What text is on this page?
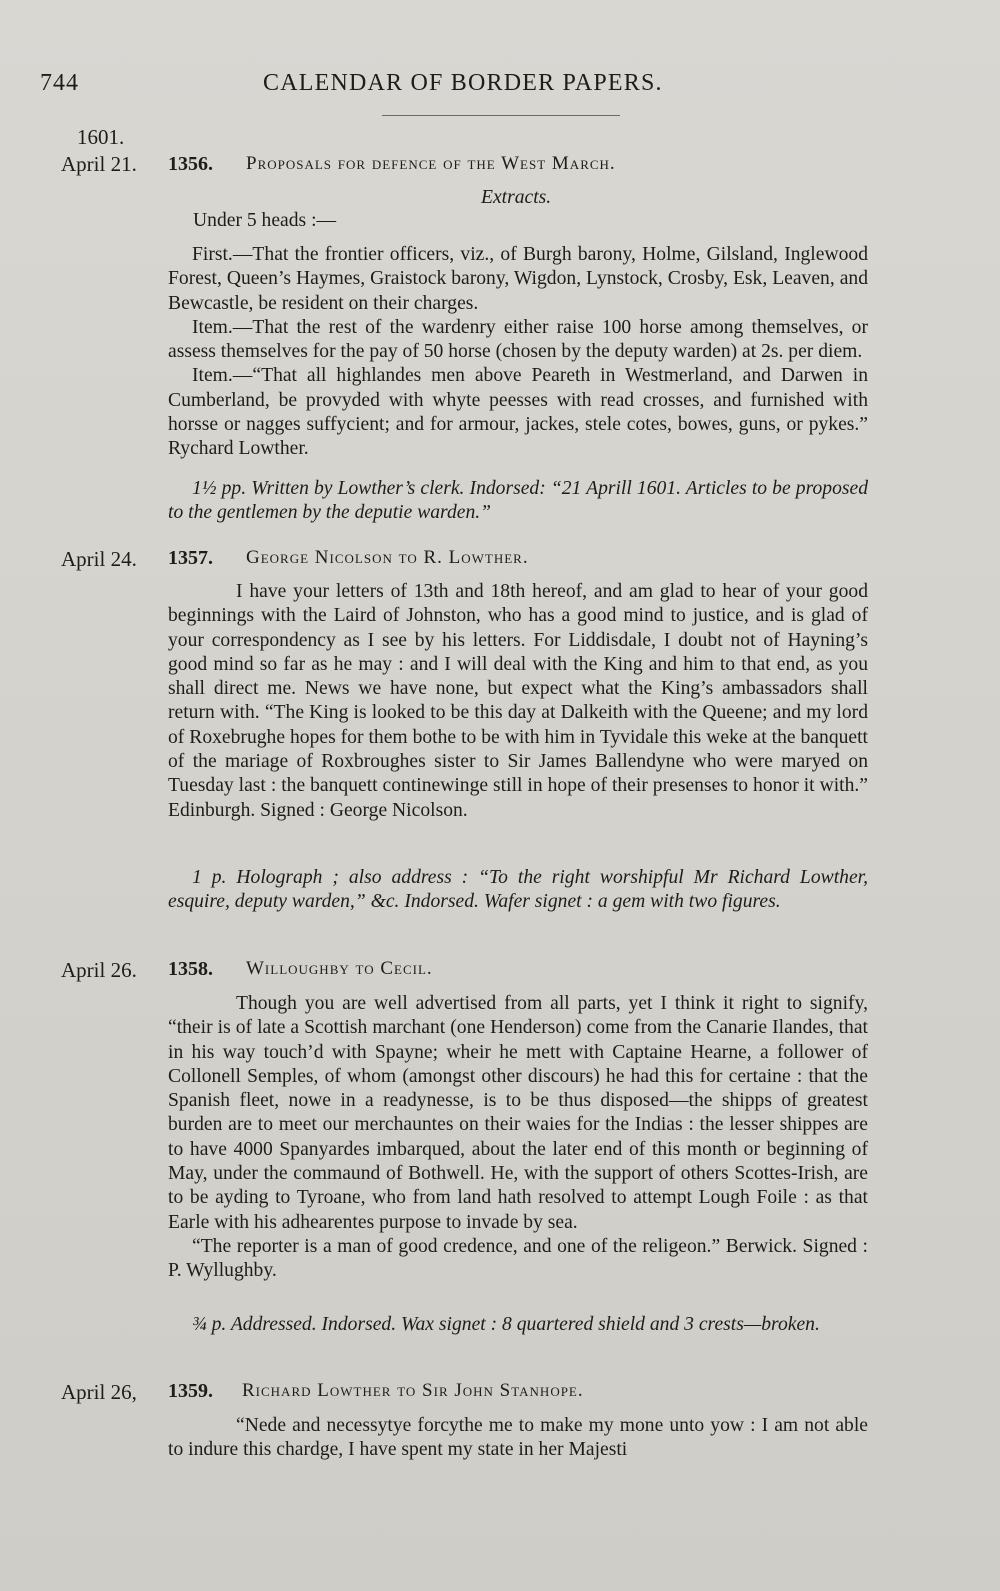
744	CALENDAR OF BORDER PAPERS.
1601.
April 21. 1356. Proposals for defence of the West March.
Extracts.
Under 5 heads :—

First.—That the frontier officers, viz., of Burgh barony, Holme, Gilsland, Inglewood Forest, Queen’s Haymes, Graistock barony, Wigdon, Lynstock, Crosby, Esk, Leaven, and Bewcastle, be resident on their charges.

Item.—That the rest of the wardenry either raise 100 horse among themselves, or assess themselves for the pay of 50 horse (chosen by the deputy warden) at 2s. per diem.

Item.—“That all highlandes men above Peareth in Westmerland, and Darwen in Cumberland, be provyded with whyte peesses with read crosses, and furnished with horsse or nagges suffycient; and for armour, jackes, stele cotes, bowes, guns, or pykes.” Rychard Lowther.

1½ pp. Written by Lowther’s clerk. Indorsed: “21 Aprill 1601. Articles to be proposed to the gentlemen by the deputie warden.”

April 24. 1357. George Nicolson to R. Lowther.

I have your letters of 13th and 18th hereof, and am glad to hear of your good beginnings with the Laird of Johnston, who has a good mind to justice, and is glad of your correspondency as I see by his letters. For Liddisdale, I doubt not of Hayning’s good mind so far as he may : and I will deal with the King and him to that end, as you shall direct me. News we have none, but expect what the King’s ambassadors shall return with. “The King is looked to be this day at Dalkeith with the Queene; and my lord of Roxebrughe hopes for them bothe to be with him in Tyvidale this weke at the banquett of the mariage of Roxbroughes sister to Sir James Ballendyne who were maryed on Tuesday last : the banquett continewinge still in hope of their presenses to honor it with.” Edinburgh. Signed : George Nicolson.

1 p. Holograph ; also address : “To the right worshipful Mr Richard Lowther, esquire, deputy warden,” &c. Indorsed. Wafer signet : a gem with two figures.

April 26. 1358. Willoughby to Cecil.

Though you are well advertised from all parts, yet I think it right to signify, “their is of late a Scottish marchant (one Henderson) come from the Canarie Ilandes, that in his way touch’d with Spayne; wheir he mett with Captaine Hearne, a follower of Collonell Semples, of whom (amongst other discours) he had this for certaine : that the Spanish fleet, nowe in a readynesse, is to be thus disposed—the shipps of greatest burden are to meet our merchauntes on their waies for the Indias : the lesser shippes are to have 4000 Spanyardes imbarqued, about the later end of this month or beginning of May, under the commaund of Bothwell. He, with the support of others Scottes-Irish, are to be ayding to Tyroane, who from land hath resolved to attempt Lough Foile : as that Earle with his adhearentes purpose to invade by sea.

“The reporter is a man of good credence, and one of the religeon.” Berwick. Signed : P. Wyllughby.

¾ p. Addressed. Indorsed. Wax signet : 8 quartered shield and 3 crests—broken.

April 26, 1359. Richard Lowther to Sir John Stanhope.

“Nede and necessytye forcythe me to make my mone unto yow : I am not able to indure this chardge, I have spent my state in her Majesti
